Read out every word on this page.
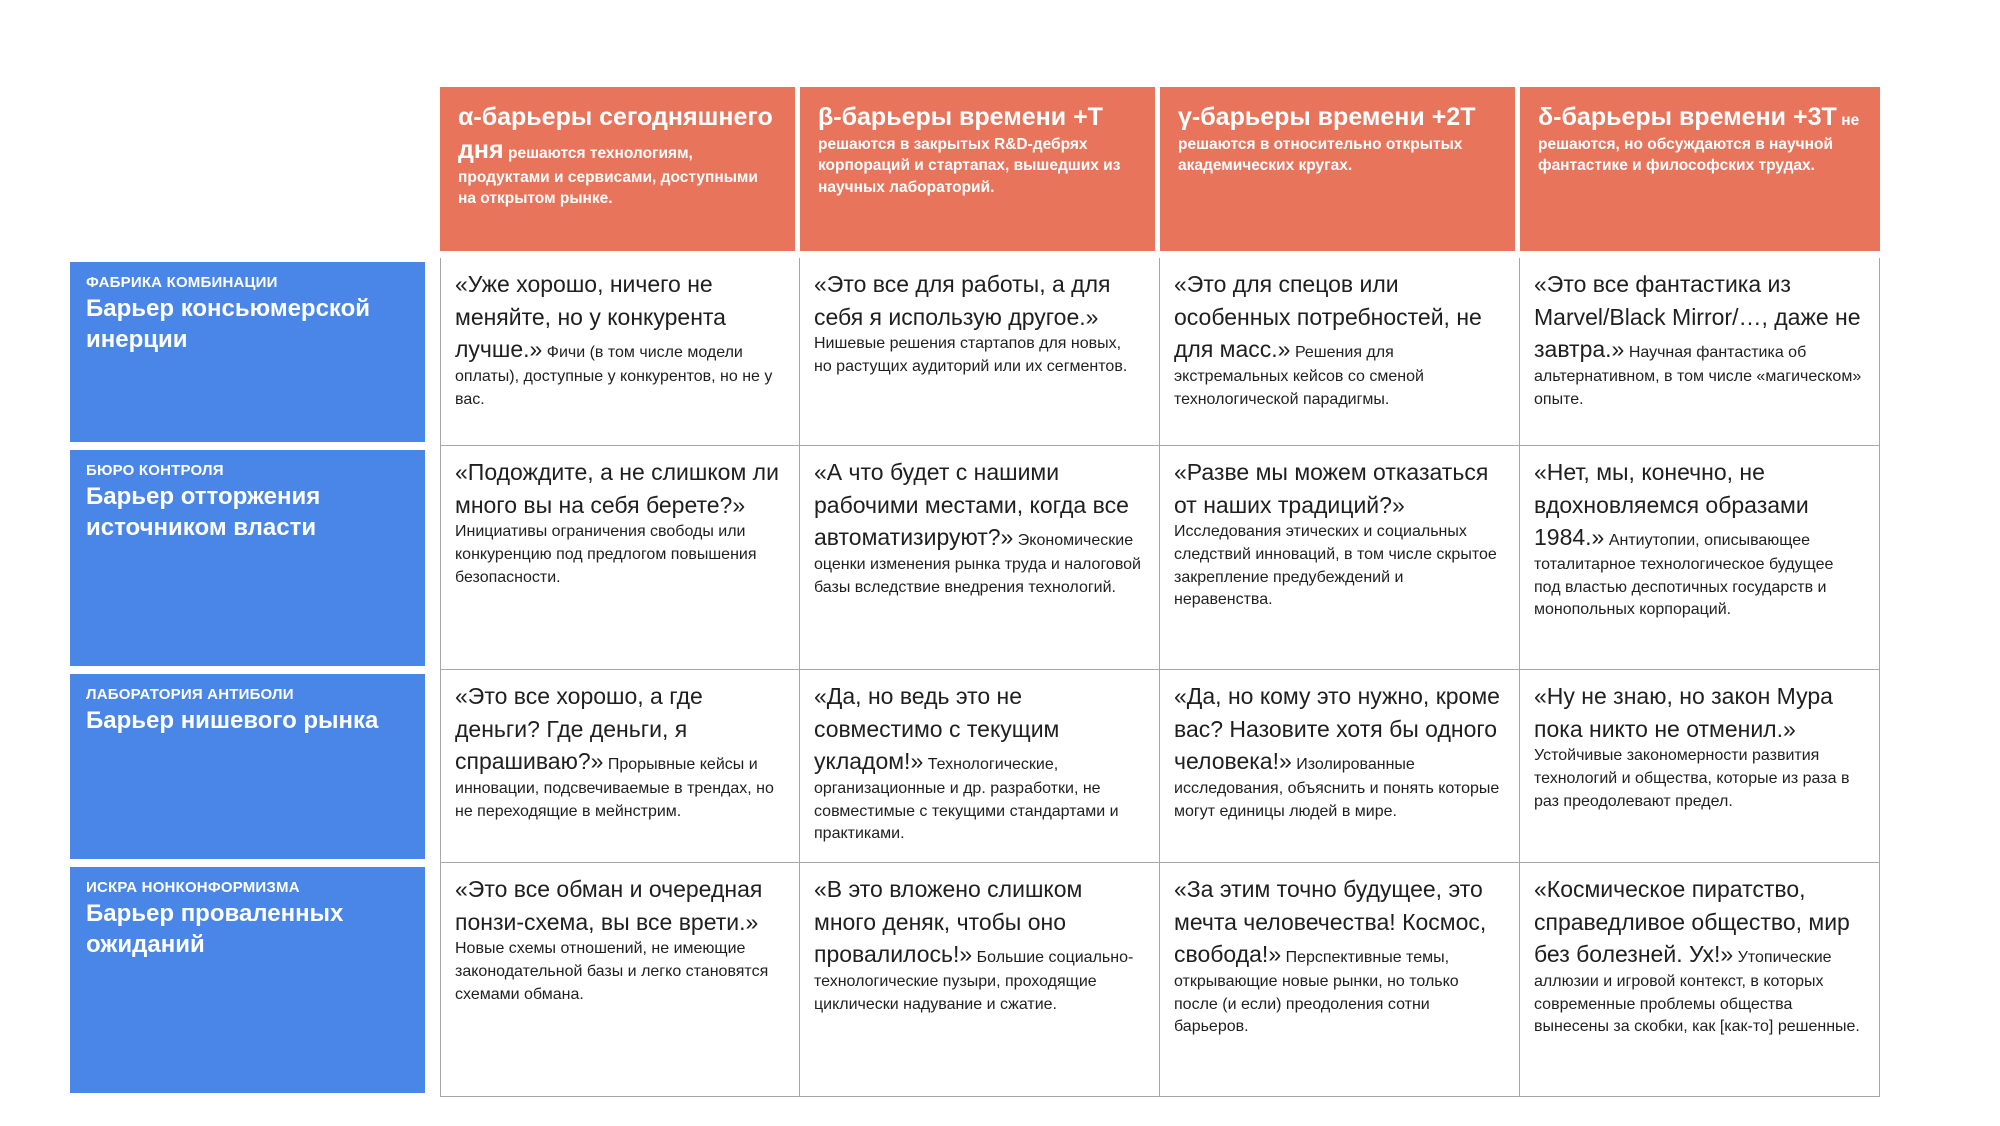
α-барьеры сегодняшнего дня решаются технологиям, продуктами и сервисами, доступными на открытом рынке.

β-барьеры времени +Т решаются в закрытых R&D-дебрях корпораций и стартапах, вышедших из научных лабораторий.

γ-барьеры времени +2Т решаются в относительно открытых академических кругах.

δ-барьеры времени +3Т не решаются, но обсуждаются в научной фантастике и философских трудах.

ФАБРИКА КОМБИНАЦИИ
Барьер консьюмерской инерции

«Уже хорошо, ничего не меняйте, но у конкурента лучше.» Фичи (в том числе модели оплаты), доступные у конкурентов, но не у вас.

«Это все для работы, а для себя я использую другое.» Нишевые решения стартапов для новых, но растущих аудиторий или их сегментов.

«Это для спецов или особенных потребностей, не для масс.» Решения для экстремальных кейсов со сменой технологической парадигмы.

«Это все фантастика из Marvel/Black Mirror/…, даже не завтра.» Научная фантастика об альтернативном, в том числе «магическом» опыте.

БЮРО КОНТРОЛЯ
Барьер отторжения источником власти

«Подождите, а не слишком ли много вы на себя берете?» Инициативы ограничения свободы или конкуренцию под предлогом повышения безопасности.

«А что будет с нашими рабочими местами, когда все автоматизируют?» Экономические оценки изменения рынка труда и налоговой базы вследствие внедрения технологий.

«Разве мы можем отказаться от наших традиций?» Исследования этических и социальных следствий инноваций, в том числе скрытое закрепление предубеждений и неравенства.

«Нет, мы, конечно, не вдохновляемся образами 1984.» Антиутопии, описывающее тоталитарное технологическое будущее под властью деспотичных государств и монопольных корпораций.

ЛАБОРАТОРИЯ АНТИБОЛИ
Барьер нишевого рынка

«Это все хорошо, а где деньги? Где деньги, я спрашиваю?» Прорывные кейсы и инновации, подсвечиваемые в трендах, но не переходящие в мейнстрим.

«Да, но ведь это не совместимо с текущим укладом!» Технологические, организационные и др. разработки, не совместимые с текущими стандартами и практиками.

«Да, но кому это нужно, кроме вас? Назовите хотя бы одного человека!» Изолированные исследования, объяснить и понять которые могут единицы людей в мире.

«Ну не знаю, но закон Мура пока никто не отменил.» Устойчивые закономерности развития технологий и общества, которые из раза в раз преодолевают предел.

ИСКРА НОНКОНФОРМИЗМА
Барьер проваленных ожиданий

«Это все обман и очередная понзи-схема, вы все врети.» Новые схемы отношений, не имеющие законодательной базы и легко становятся схемами обмана.

«В это вложено слишком много деняк, чтобы оно провалилось!» Большие социально-технологические пузыри, проходящие циклически надувание и сжатие.

«За этим точно будущее, это мечта человечества! Космос, свобода!» Перспективные темы, открывающие новые рынки, но только после (и если) преодоления сотни барьеров.

«Космическое пиратство, справедливое общество, мир без болезней. Ух!» Утопические аллюзии и игровой контекст, в которых современные проблемы общества вынесены за скобки, как [как-то] решенные.
